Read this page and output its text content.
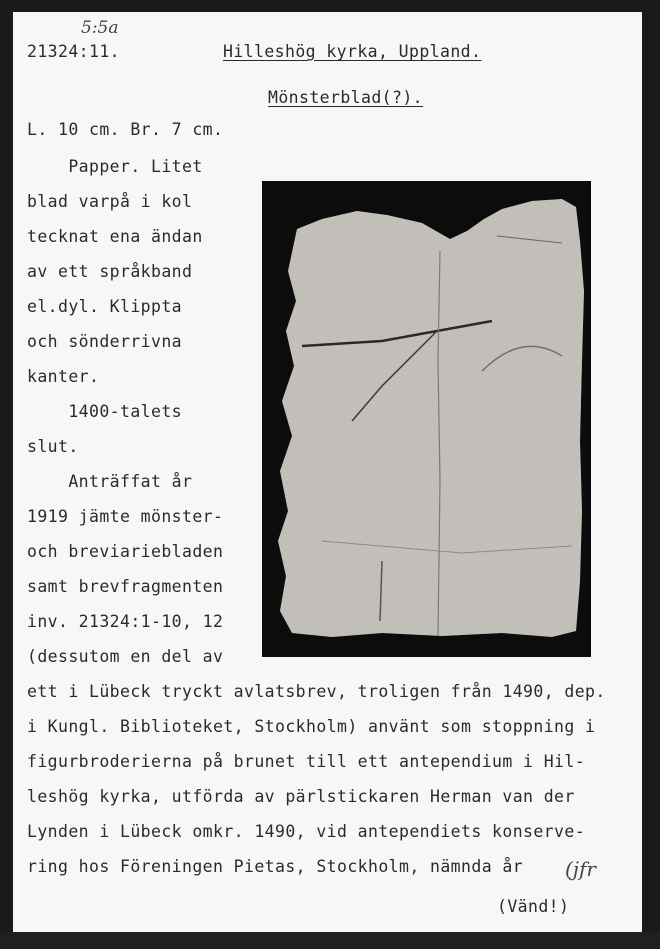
5:5a
21324:11.	Hilleshög kyrka, Uppland.
Mönsterblad(?).
L. 10 cm. Br. 7 cm.
Papper. Litet
blad varpå i kol
tecknat ena ändan
av ett språkband
el.dyl. Klippta
och sönderrivna
kanter.
1400-talets
slut.
Anträffat år
1919 jämte mönster-
och breviariebladen
samt brevfragmenten
inv. 21324:1-10, 12
(dessutom en del av
ett i Lübeck tryckt avlatsbrev, troligen från 1490, dep.
i Kungl. Biblioteket, Stockholm) använt som stoppning i
figurbroderierna på brunet till ett antependium i Hil-
leshög kyrka, utförda av pärlstickaren Herman van der
Lynden i Lübeck omkr. 1490, vid antependiets konserve-
ring hos Föreningen Pietas, Stockholm, nämnda år (jfr
(Vänd!)
